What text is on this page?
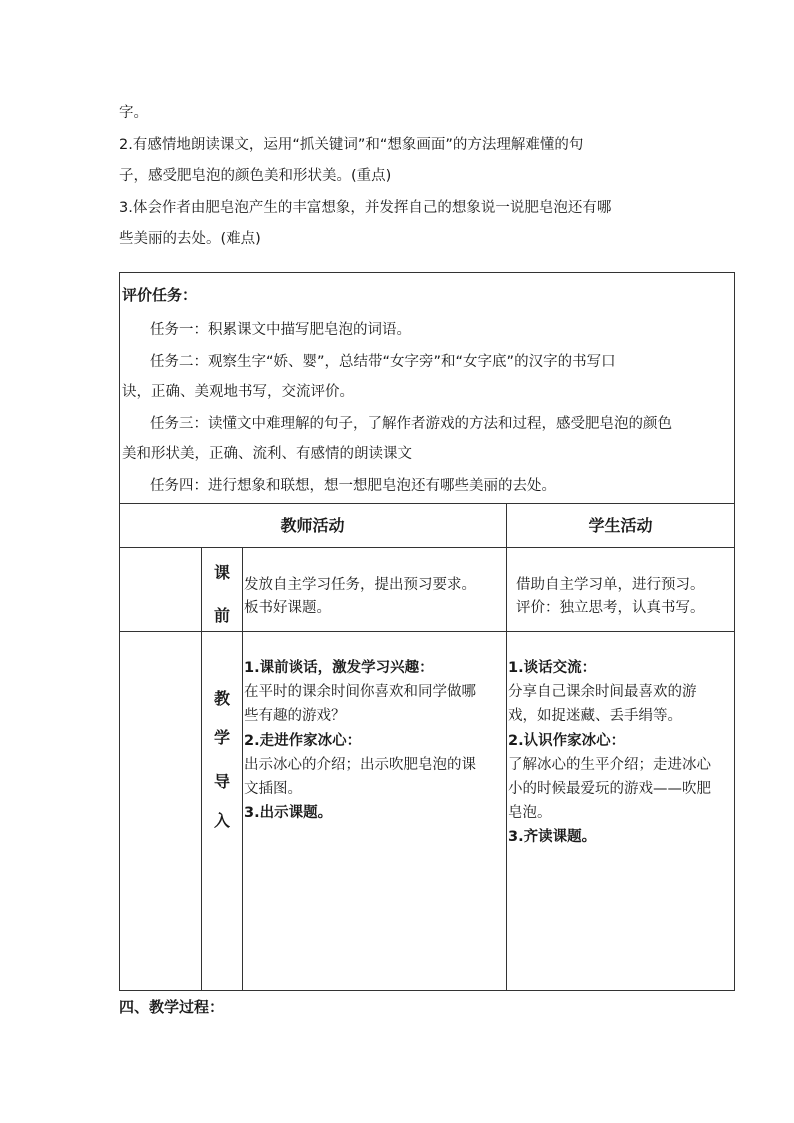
字。
2.有感情地朗读课文，运用“抓关键词”和“想象画面”的方法理解难懂的句
子，感受肥皂泡的颜色美和形状美。(重点)
3.体会作者由肥皂泡产生的丰富想象，并发挥自己的想象说一说肥皂泡还有哪
些美丽的去处。(难点)
评价任务：
任务一：积累课文中描写肥皂泡的词语。
任务二：观察生字“娇、婴”，总结带“女字旁”和“女字底”的汉字的书写口
诀，正确、美观地书写，交流评价。
任务三：读懂文中难理解的句子，了解作者游戏的方法和过程，感受肥皂泡的颜色
美和形状美，正确、流利、有感情的朗读课文
任务四：进行想象和联想，想一想肥皂泡还有哪些美丽的去处。
教师活动	学生活动
课
前
发放自主学习任务，提出预习要求。
板书好课题。
借助自主学习单，进行预习。
评价：独立思考，认真书写。
教
学
导
入
1.课前谈话，激发学习兴趣：
在平时的课余时间你喜欢和同学做哪
些有趣的游戏？
2.走进作家冰心：
出示冰心的介绍；出示吹肥皂泡的课
文插图。
3.出示课题。
1.谈话交流：
分享自己课余时间最喜欢的游
戏，如捉迷藏、丢手绢等。
2.认识作家冰心：
了解冰心的生平介绍；走进冰心
小的时候最爱玩的游戏——吹肥
皂泡。
3.齐读课题。
四、教学过程：
